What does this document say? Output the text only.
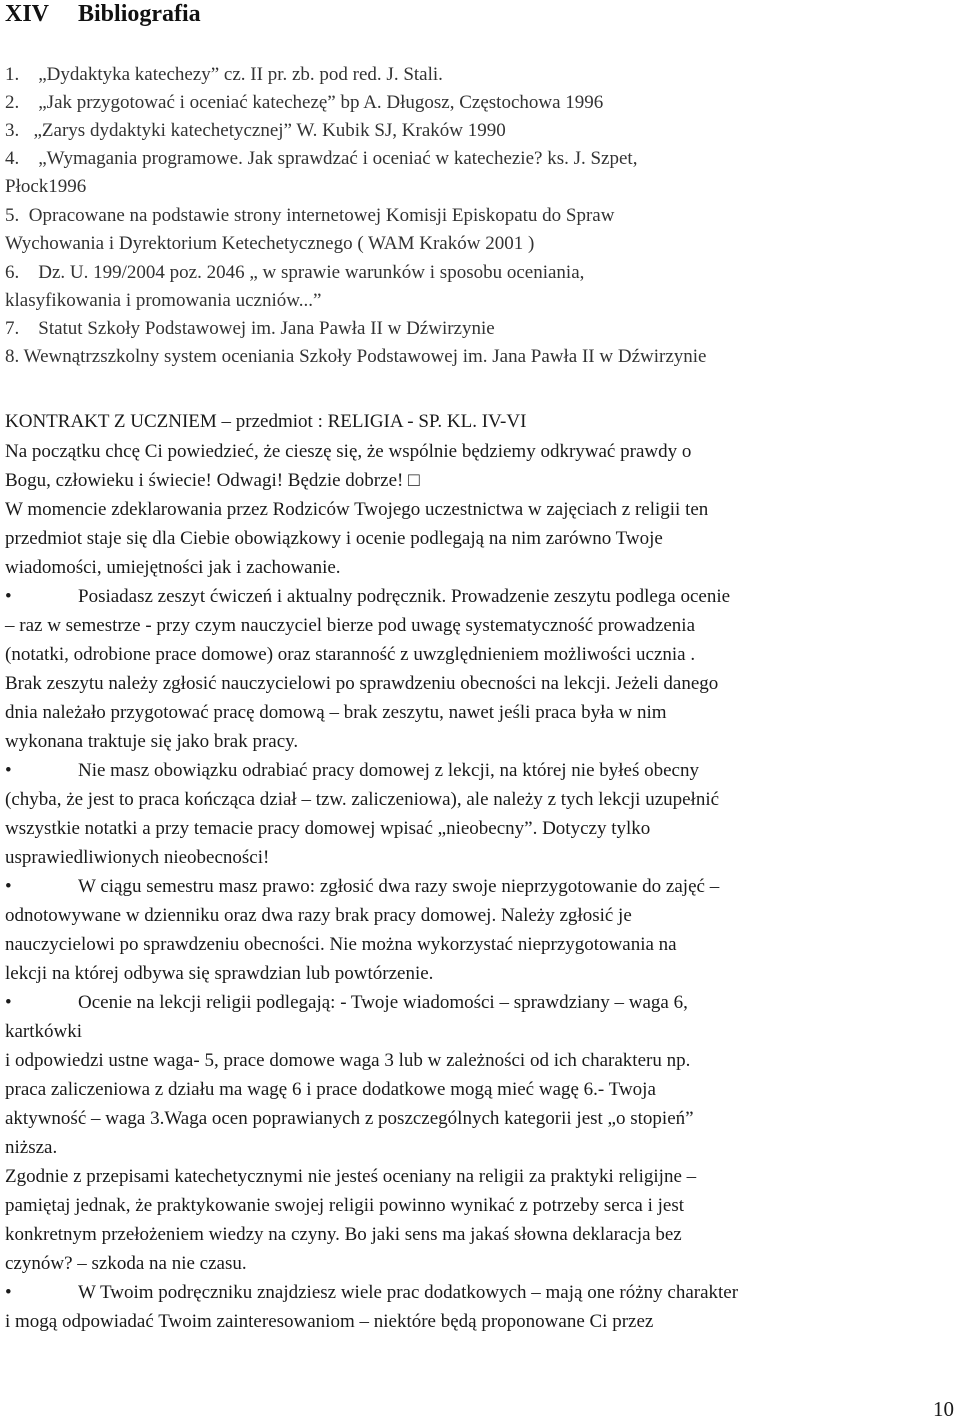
XIV Bibliografia

1.    „Dydaktyka katechezy” cz. II pr. zb. pod red. J. Stali.

2.    „Jak przygotować i oceniać katechezę” bp A. Długosz, Częstochowa 1996

3.   „Zarys dydaktyki katechetycznej” W. Kubik SJ, Kraków 1990

4.    „Wymagania programowe. Jak sprawdzać i oceniać w katechezie? ks. J. Szpet,

Płock1996

5.  Opracowane na podstawie strony internetowej Komisji Episkopatu do Spraw

Wychowania i Dyrektorium Ketechetycznego ( WAM Kraków 2001 )

6.    Dz. U. 199/2004 poz. 2046 „ w sprawie warunków i sposobu oceniania,

klasyfikowania i promowania uczniów...”

7.    Statut Szkoły Podstawowej im. Jana Pawła II w Dźwirzynie

8. Wewnątrzszkolny system oceniania Szkoły Podstawowej im. Jana Pawła II w Dźwirzynie

KONTRAKT Z UCZNIEM – przedmiot : RELIGIA - SP. KL. IV-VI

Na początku chcę Ci powiedzieć, że cieszę się, że wspólnie będziemy odkrywać prawdy o

Bogu, człowieku i świecie! Odwagi! Będzie dobrze! □

W momencie zdeklarowania przez Rodziców Twojego uczestnictwa w zajęciach z religii ten

przedmiot staje się dla Ciebie obowiązkowy i ocenie podlegają na nim zarówno Twoje

wiadomości, umiejętności jak i zachowanie.

•	Posiadasz zeszyt ćwiczeń i aktualny podręcznik. Prowadzenie zeszytu podlega ocenie

– raz w semestrze - przy czym nauczyciel bierze pod uwagę systematyczność prowadzenia

(notatki, odrobione prace domowe) oraz staranność z uwzględnieniem możliwości ucznia .

Brak zeszytu należy zgłosić nauczycielowi po sprawdzeniu obecności na lekcji. Jeżeli danego

dnia należało przygotować pracę domową – brak zeszytu, nawet jeśli praca była w nim

wykonana traktuje się jako brak pracy.

•	Nie masz obowiązku odrabiać pracy domowej z lekcji, na której nie byłeś obecny

(chyba, że jest to praca kończąca dział – tzw. zaliczeniowa), ale należy z tych lekcji uzupełnić

wszystkie notatki a przy temacie pracy domowej wpisać „nieobecny”. Dotyczy tylko

usprawiedliwionych nieobecności!

•	W ciągu semestru masz prawo: zgłosić dwa razy swoje nieprzygotowanie do zajęć –

odnotowywane w dzienniku oraz dwa razy brak pracy domowej. Należy zgłosić je

nauczycielowi po sprawdzeniu obecności. Nie można wykorzystać nieprzygotowania na

lekcji na której odbywa się sprawdzian lub powtórzenie.

•	Ocenie na lekcji religii podlegają: - Twoje wiadomości – sprawdziany – waga 6,

kartkówki

i odpowiedzi ustne waga- 5, prace domowe waga 3 lub w zależności od ich charakteru np.

praca zaliczeniowa z działu ma wagę 6 i prace dodatkowe mogą mieć wagę 6.- Twoja

aktywność – waga 3.Waga ocen poprawianych z poszczególnych kategorii jest „o stopień”

niższa.

Zgodnie z przepisami katechetycznymi nie jesteś oceniany na religii za praktyki religijne –

pamiętaj jednak, że praktykowanie swojej religii powinno wynikać z potrzeby serca i jest

konkretnym przełożeniem wiedzy na czyny. Bo jaki sens ma jakaś słowna deklaracja bez

czynów? – szkoda na nie czasu.

•	W Twoim podręczniku znajdziesz wiele prac dodatkowych – mają one różny charakter

i mogą odpowiadać Twoim zainteresowaniom – niektóre będą proponowane Ci przez

10
